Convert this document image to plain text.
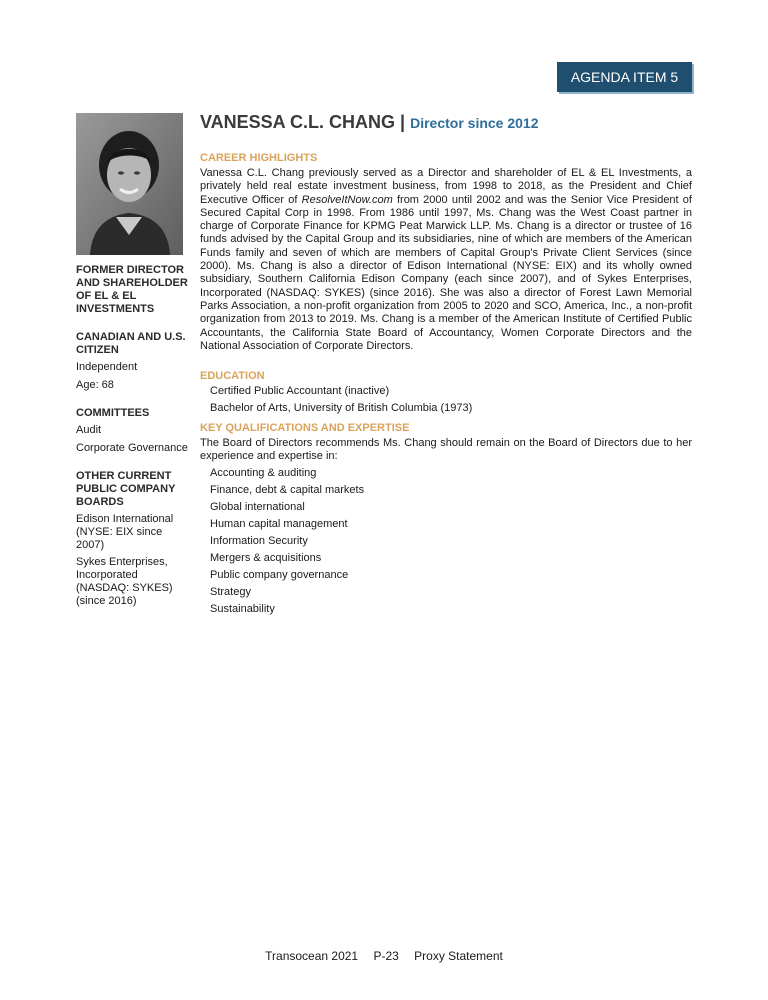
AGENDA ITEM 5

FORMER DIRECTOR AND SHAREHOLDER OF EL & EL INVESTMENTS

CANADIAN AND U.S. CITIZEN

Independent

Age: 68

COMMITTEES

Audit

Corporate Governance

OTHER CURRENT PUBLIC COMPANY BOARDS

Edison International (NYSE: EIX since 2007)

Sykes Enterprises, Incorporated (NASDAQ: SYKES) (since 2016)

VANESSA C.L. CHANG | Director since 2012

CAREER HIGHLIGHTS

Vanessa C.L. Chang previously served as a Director and shareholder of EL & EL Investments, a privately held real estate investment business, from 1998 to 2018, as the President and Chief Executive Officer of ResolveItNow.com from 2000 until 2002 and was the Senior Vice President of Secured Capital Corp in 1998. From 1986 until 1997, Ms. Chang was the West Coast partner in charge of Corporate Finance for KPMG Peat Marwick LLP. Ms. Chang is a director or trustee of 16 funds advised by the Capital Group and its subsidiaries, nine of which are members of the American Funds family and seven of which are members of Capital Group's Private Client Services (since 2000). Ms. Chang is also a director of Edison International (NYSE: EIX) and its wholly owned subsidiary, Southern California Edison Company (each since 2007), and of Sykes Enterprises, Incorporated (NASDAQ: SYKES) (since 2016). She was also a director of Forest Lawn Memorial Parks Association, a non-profit organization from 2005 to 2020 and SCO, America, Inc., a non-profit organization from 2013 to 2019. Ms. Chang is a member of the American Institute of Certified Public Accountants, the California State Board of Accountancy, Women Corporate Directors and the National Association of Corporate Directors.

EDUCATION

Certified Public Accountant (inactive)
Bachelor of Arts, University of British Columbia (1973)

KEY QUALIFICATIONS AND EXPERTISE

The Board of Directors recommends Ms. Chang should remain on the Board of Directors due to her experience and expertise in:

Accounting & auditing
Finance, debt & capital markets
Global international
Human capital management
Information Security
Mergers & acquisitions
Public company governance
Strategy
Sustainability
Transocean 2021 P-23 Proxy Statement
